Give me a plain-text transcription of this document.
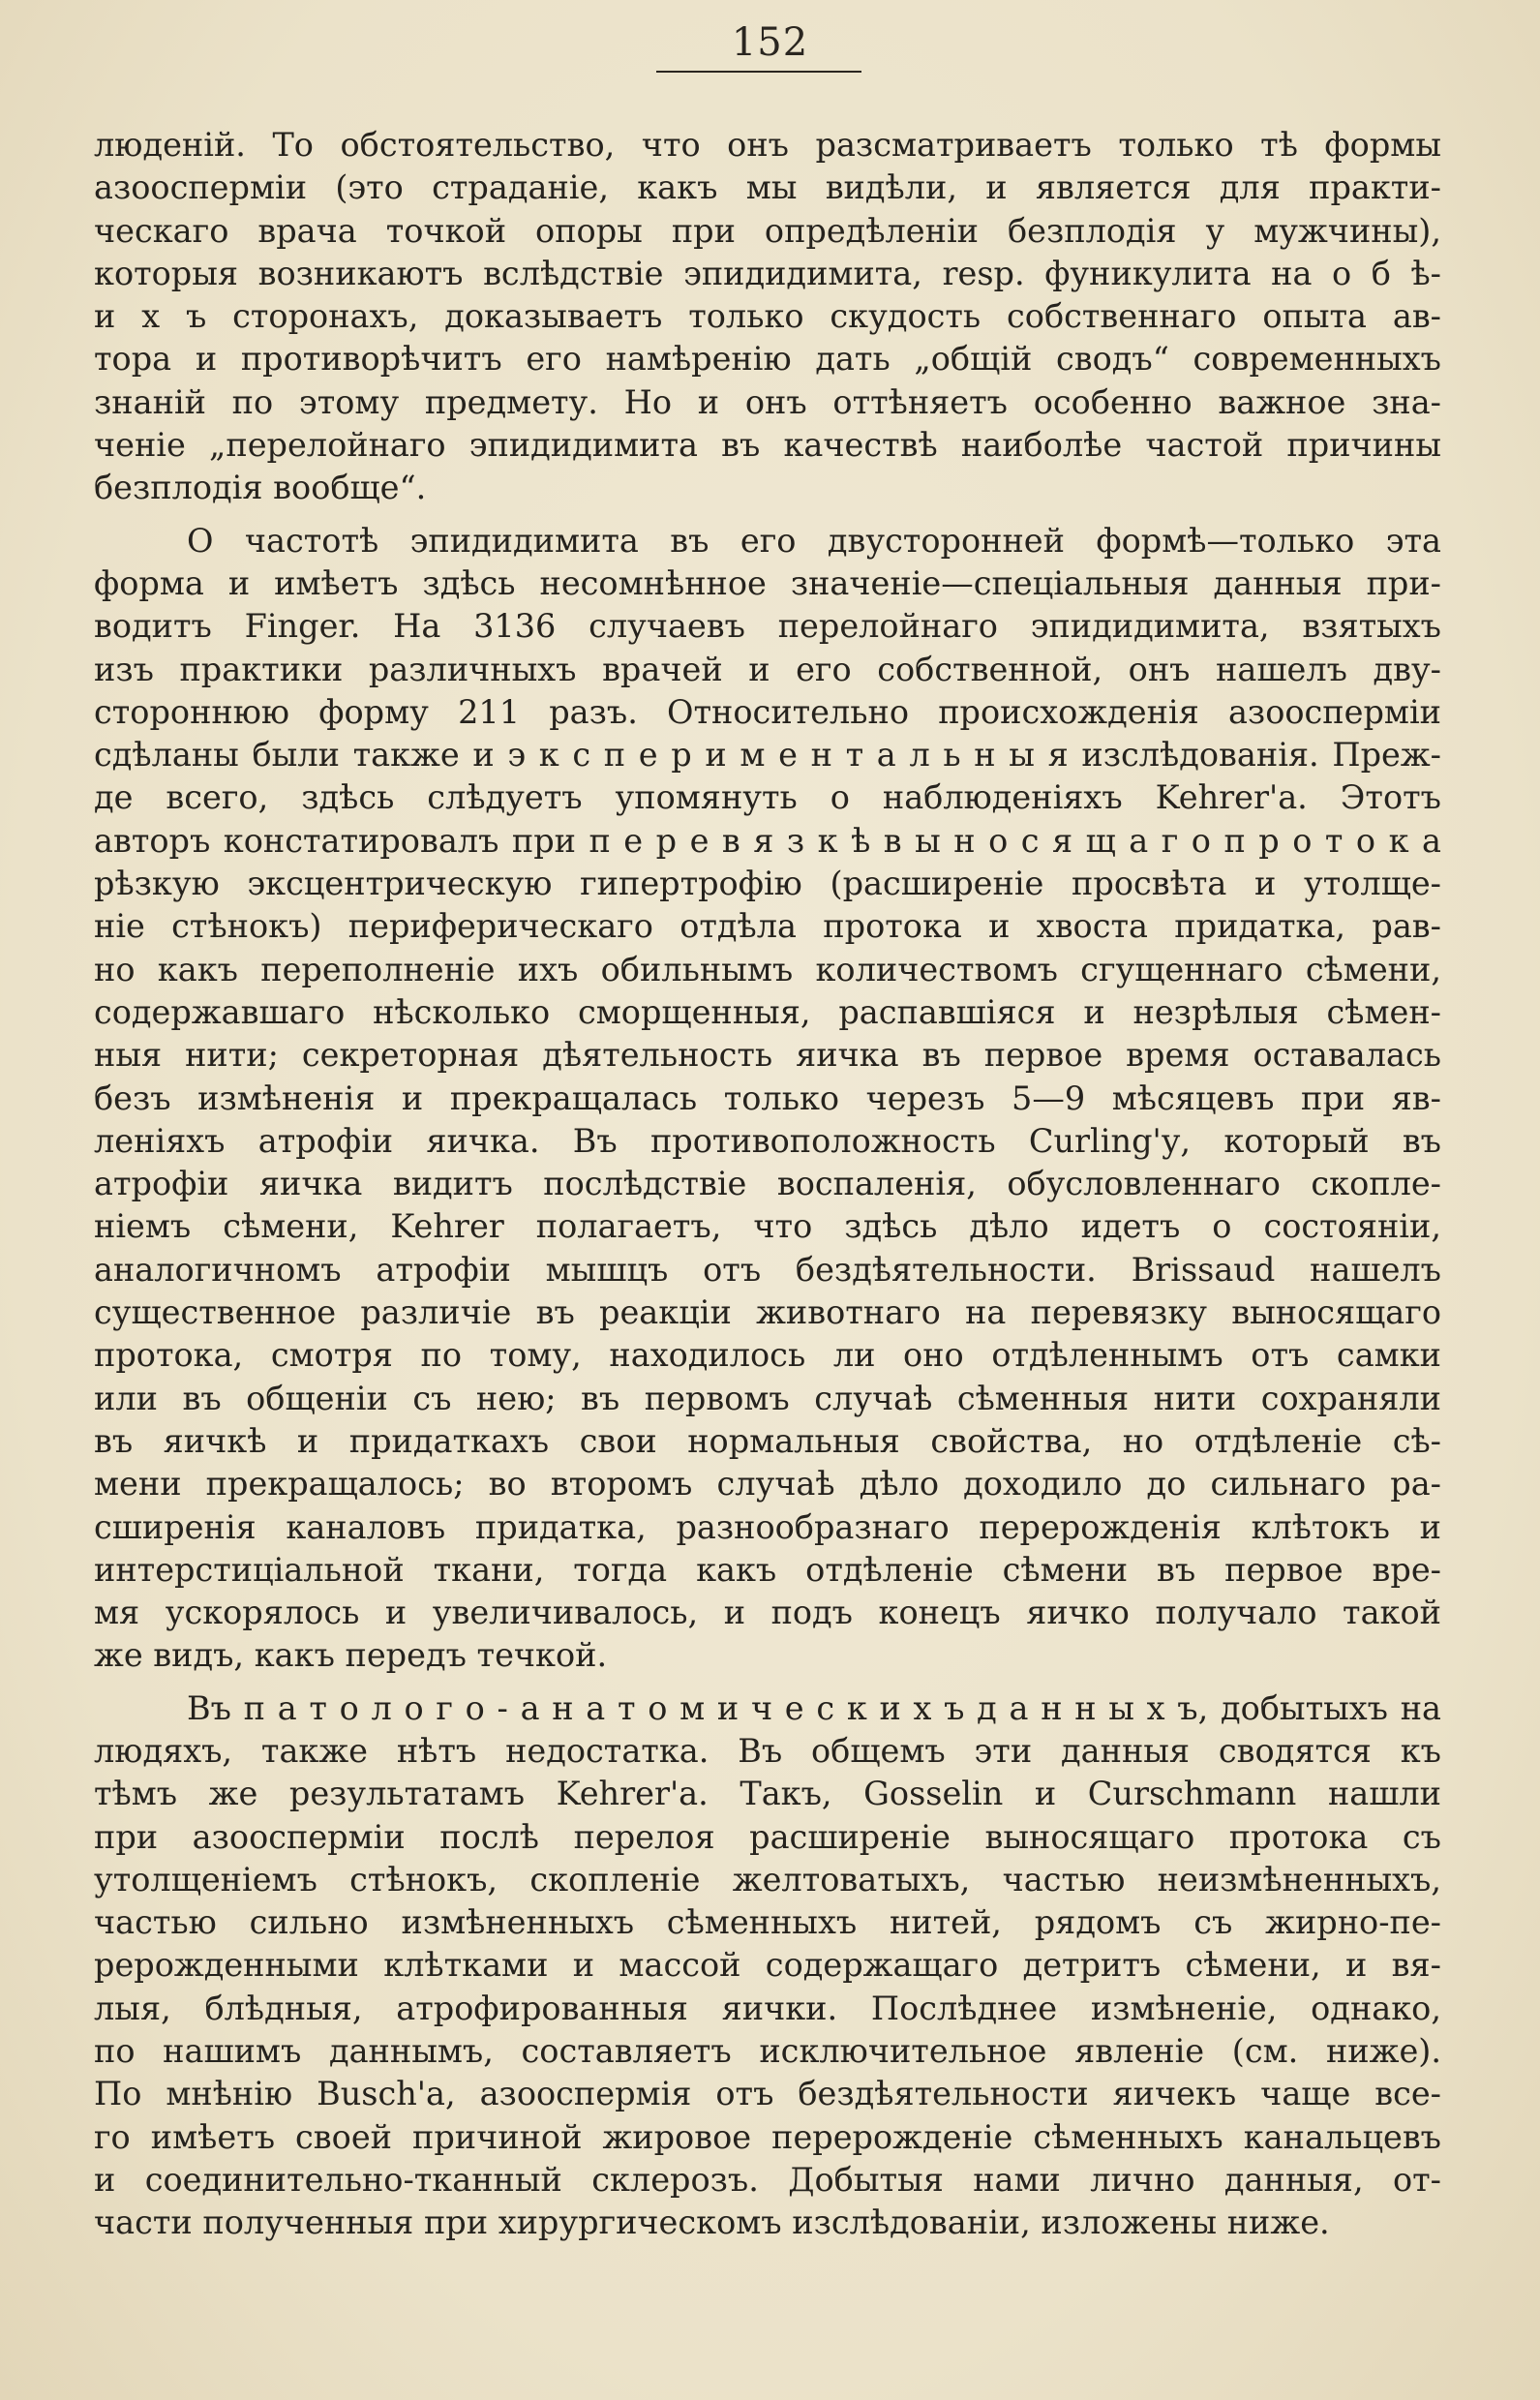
152
люденій. То обстоятельство, что онъ разсматриваетъ только тѣ формы
азооспермiи (это страданіе, какъ мы видѣли, и является для практи-
ческаго врача точкой опоры при опредѣленіи безплодія у мужчины),
которыя возникаютъ вслѣдствіе эпидидимита, resp. фуникулита на о б ѣ-
и х ъ сторонахъ, доказываетъ только скудость собственнаго опыта ав-
тора и противорѣчитъ его намѣренію дать „общій сводъ“ современныхъ
знаній по этому предмету. Но и онъ оттѣняетъ особенно важное зна-
ченіе „перелойнаго эпидидимита въ качествѣ наиболѣе частой причины
безплодія вообще“.
О частотѣ эпидидимита въ его двусторонней формѣ—только эта
форма и имѣетъ здѣсь несомнѣнное значеніе—спеціальныя данныя при-
водитъ Finger. На 3136 случаевъ перелойнаго эпидидимита, взятыхъ
изъ практики различныхъ врачей и его собственной, онъ нашелъ дву-
стороннюю форму 211 разъ. Относительно происхожденія азооспермiи
сдѣланы были также и э к с п е р и м е н т а л ь н ы я изслѣдованія. Преж-
де всего, здѣсь слѣдуетъ упомянуть о наблюденіяхъ Kehrer'а. Этотъ
авторъ констатировалъ при п е р е в я з к ѣ в ы н о с я щ а г о п р о т о к а
рѣзкую эксцентрическую гипертрофію (расширеніе просвѣта и утолще-
ніе стѣнокъ) периферическаго отдѣла протока и хвоста придатка, рав-
но какъ переполненіе ихъ обильнымъ количествомъ сгущеннаго сѣмени,
содержавшаго нѣсколько сморщенныя, распавшіяся и незрѣлыя сѣмен-
ныя нити; секреторная дѣятельность яичка въ первое время оставалась
безъ измѣненія и прекращалась только черезъ 5—9 мѣсяцевъ при яв-
леніяхъ атрофіи яичка. Въ противоположность Curling'у, который въ
атрофіи яичка видитъ послѣдствіе воспаленія, обусловленнаго скопле-
ніемъ сѣмени, Kehrer полагаетъ, что здѣсь дѣло идетъ о состояніи,
аналогичномъ атрофіи мышцъ отъ бездѣятельности. Brissaud нашелъ
существенное различіе въ реакціи животнаго на перевязку выносящаго
протока, смотря по тому, находилось ли оно отдѣленнымъ отъ самки
или въ общеніи съ нею; въ первомъ случаѣ сѣменныя нити сохраняли
въ яичкѣ и придаткахъ свои нормальныя свойства, но отдѣленіе сѣ-
мени прекращалось; во второмъ случаѣ дѣло доходило до сильнаго ра-
сширенія каналовъ придатка, разнообразнаго перерожденія клѣтокъ и
интерстиціальной ткани, тогда какъ отдѣленіе сѣмени въ первое вре-
мя ускорялось и увеличивалось, и подъ конецъ яичко получало такой
же видъ, какъ передъ течкой.
Въ п а т о л о г о - а н а т о м и ч е с к и х ъ д а н н ы х ъ, добытыхъ на
людяхъ, также нѣтъ недостатка. Въ общемъ эти данныя сводятся къ
тѣмъ же результатамъ Kehrer'а. Такъ, Gosselin и Curschmann нашли
при азооспермiи послѣ перелоя расширеніе выносящаго протока съ
утолщеніемъ стѣнокъ, скопленіе желтоватыхъ, частью неизмѣненныхъ,
частью сильно измѣненныхъ сѣменныхъ нитей, рядомъ съ жирно-пе-
рерожденными клѣтками и массой содержащаго детритъ сѣмени, и вя-
лыя, блѣдныя, атрофированныя яички. Послѣднее измѣненіе, однако,
по нашимъ даннымъ, составляетъ исключительное явленіе (см. ниже).
По мнѣнію Busch'а, азооспермія отъ бездѣятельности яичекъ чаще все-
го имѣетъ своей причиной жировое перерожденіе сѣменныхъ канальцевъ
и соединительно-тканный склерозъ. Добытыя нами лично данныя, от-
части полученныя при хирургическомъ изслѣдованіи, изложены ниже.
